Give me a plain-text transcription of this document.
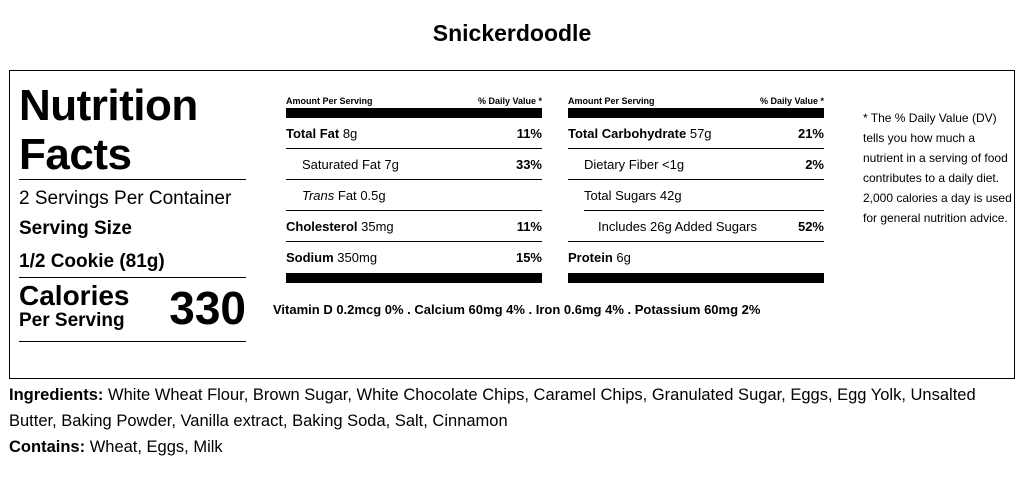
Snickerdoodle
Nutrition
Facts
2 Servings Per Container
Serving Size
1/2 Cookie (81g)
Calories
Per Serving 330
Amount Per Serving	% Daily Value *
Total Fat 8g	11%
Saturated Fat 7g	33%
Trans Fat 0.5g
Cholesterol 35mg	11%
Sodium 350mg	15%
Amount Per Serving	% Daily Value *
Total Carbohydrate 57g	21%
Dietary Fiber <1g	2%
Total Sugars 42g
Includes 26g Added Sugars	52%
Protein 6g
Vitamin D 0.2mcg 0% . Calcium 60mg 4% . Iron 0.6mg 4% . Potassium 60mg 2%
* The % Daily Value (DV) tells you how much a nutrient in a serving of food contributes to a daily diet. 2,000 calories a day is used for general nutrition advice.
Ingredients: White Wheat Flour, Brown Sugar, White Chocolate Chips, Caramel Chips, Granulated Sugar, Eggs, Egg Yolk, Unsalted Butter, Baking Powder, Vanilla extract, Baking Soda, Salt, Cinnamon
Contains: Wheat, Eggs, Milk
